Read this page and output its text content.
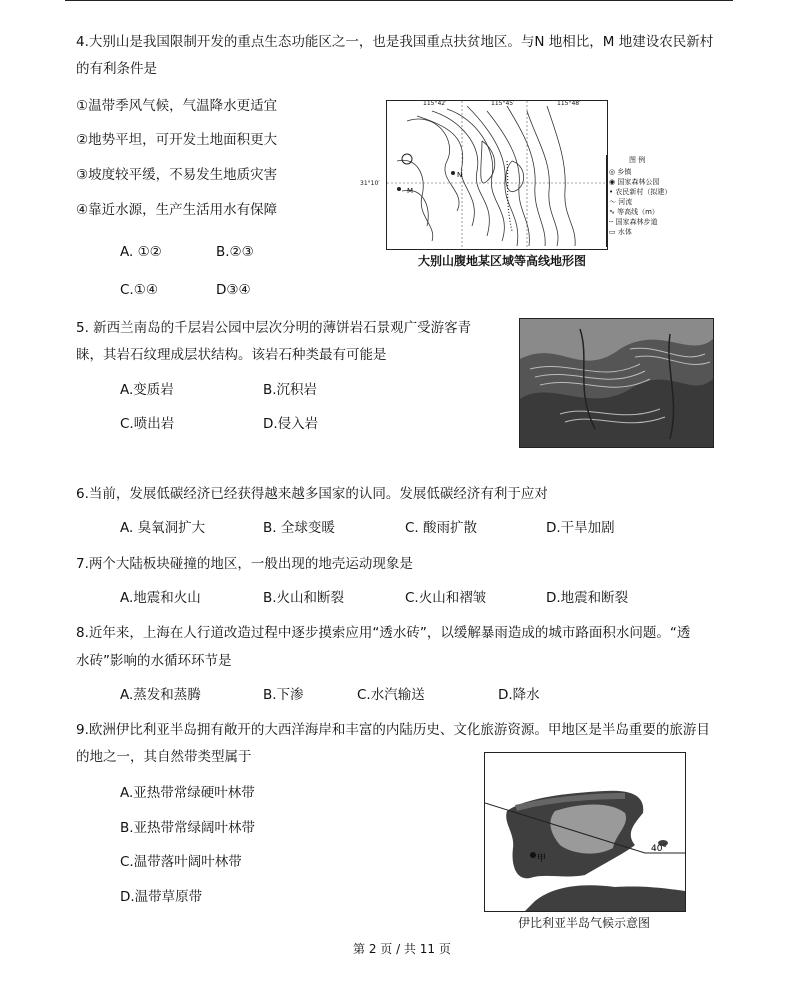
4.大别山是我国限制开发的重点生态功能区之一，也是我国重点扶贫地区。与N 地相比，M 地建设农民新村
的有利条件是
①温带季风气候，气温降水更适宜
②地势平坦，可开发土地面积更大
③坡度较平缓，不易发生地质灾害
④靠近水源，生产生活用水有保障
A. ①②	B.②③
C.①④	D③④
M
N
115°42′	115°45′	115°48′
31°10′
图 例
◎ 乡镇
◉ 国家森林公园
• 农民新村（拟建）
～ 河流
∿ 等高线（m）
┄ 国家森林步道
▭ 水体
大别山腹地某区域等高线地形图
5. 新西兰南岛的千层岩公园中层次分明的薄饼岩石景观广受游客青
睐，其岩石纹理成层状结构。该岩石种类最有可能是
A.变质岩	B.沉积岩
C.喷出岩	D.侵入岩
6.当前，发展低碳经济已经获得越来越多国家的认同。发展低碳经济有利于应对
A. 臭氧洞扩大	B. 全球变暖	C. 酸雨扩散	D.干旱加剧
7.两个大陆板块碰撞的地区，一般出现的地壳运动现象是
A.地震和火山	B.火山和断裂	C.火山和褶皱	D.地震和断裂
8.近年来，上海在人行道改造过程中逐步摸索应用“透水砖”，以缓解暴雨造成的城市路面积水问题。“透
水砖”影响的水循环环节是
A.蒸发和蒸腾	B.下渗	C.水汽输送	D.降水
9.欧洲伊比利亚半岛拥有敞开的大西洋海岸和丰富的内陆历史、文化旅游资源。甲地区是半岛重要的旅游目
的地之一，其自然带类型属于
A.亚热带常绿硬叶林带
B.亚热带常绿阔叶林带
C.温带落叶阔叶林带
D.温带草原带
40°
甲
伊比利亚半岛气候示意图
第 2 页 / 共 11 页
